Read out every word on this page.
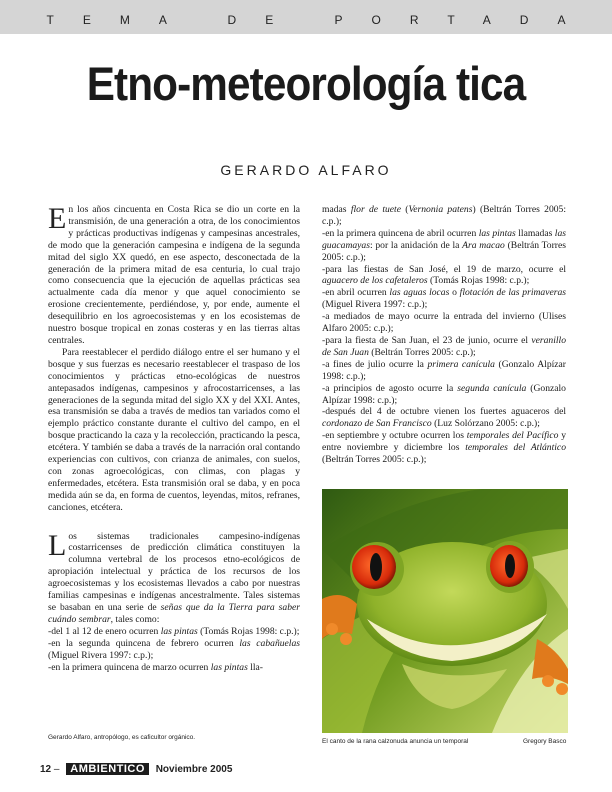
TEMA DE PORTADA
Etno-meteorología tica
GERARDO ALFARO

En los años cincuenta en Costa Rica se dio un corte en la transmisión, de una generación a otra, de los conocimientos y prácticas productivas indígenas y campesinas ancestrales, de modo que la generación campesina e indígena de la segunda mitad del siglo XX quedó, en ese aspecto, desconectada de la generación de la primera mitad de esa centuria, lo cual trajo como consecuencia que la ejecución de aquellas prácticas sea actualmente cada día menor y que aquel conocimiento se erosione crecientemente, perdiéndose, y, por ende, aumente el desequilibrio en los agroecosistemas y en los ecosistemas de nuestro bosque tropical en zonas costeras y en las tierras altas centrales.

Para reestablecer el perdido diálogo entre el ser humano y el bosque y sus fuerzas es necesario reestablecer el traspaso de los conocimientos y prácticas etno-ecológicas de nuestros antepasados indígenas, campesinos y afrocostarricenses, a las generaciones de la segunda mitad del siglo XX y del XXI. Antes, esa transmisión se daba a través de medios tan variados como el ejemplo práctico constante durante el cultivo del campo, en el bosque practicando la caza y la recolección, practicando la pesca, etcétera. Y también se daba a través de la narración oral contando experiencias con cultivos, con crianza de animales, con suelos, con zonas agroecológicas, con climas, con plagas y enfermedades, etcétera. Esta transmisión oral se daba, y en poca medida aún se da, en forma de cuentos, leyendas, mitos, refranes, canciones, etcétera.

Los sistemas tradicionales campesino-indígenas costarricenses de predicción climática constituyen la columna vertebral de los procesos etno-ecológicos de apropiación intelectual y práctica de los recursos de los agroecosistemas y los ecosistemas llevados a cabo por nuestras familias campesinas e indígenas ancestralmente. Tales sistemas se basaban en una serie de señas que da la Tierra para saber cuándo sembrar, tales como:

-del 1 al 12 de enero ocurren las pintas (Tomás Rojas 1998: c.p.);

-en la segunda quincena de febrero ocurren las cabañuelas (Miguel Rivera 1997: c.p.);

-en la primera quincena de marzo ocurren las pintas lla-

madas flor de tuete (Vernonia patens) (Beltrán Torres 2005: c.p.);

-en la primera quincena de abril ocurren las pintas llamadas las guacamayas: por la anidación de la Ara macao (Beltrán Torres 2005: c.p.);

-para las fiestas de San José, el 19 de marzo, ocurre el aguacero de los cafetaleros (Tomás Rojas 1998: c.p.);

-en abril ocurren las aguas locas o flotación de las primaveras (Miguel Rivera 1997: c.p.);

-a mediados de mayo ocurre la entrada del invierno (Ulises Alfaro 2005: c.p.);

-para la fiesta de San Juan, el 23 de junio, ocurre el veranillo de San Juan (Beltrán Torres 2005: c.p.);

-a fines de julio ocurre la primera canícula (Gonzalo Alpízar 1998: c.p.);

-a principios de agosto ocurre la segunda canícula (Gonzalo Alpízar 1998: c.p.);

-después del 4 de octubre vienen los fuertes aguaceros del cordonazo de San Francisco (Luz Solórzano 2005: c.p.);

-en septiembre y octubre ocurren los temporales del Pacífico y entre noviembre y diciembre los temporales del Atlántico (Beltrán Torres 2005: c.p.);

Gerardo Alfaro, antropólogo, es caficultor orgánico.
El canto de la rana calzonuda anuncia un temporal	Gregory Basco
12 – AMBIENTICO Noviembre 2005
